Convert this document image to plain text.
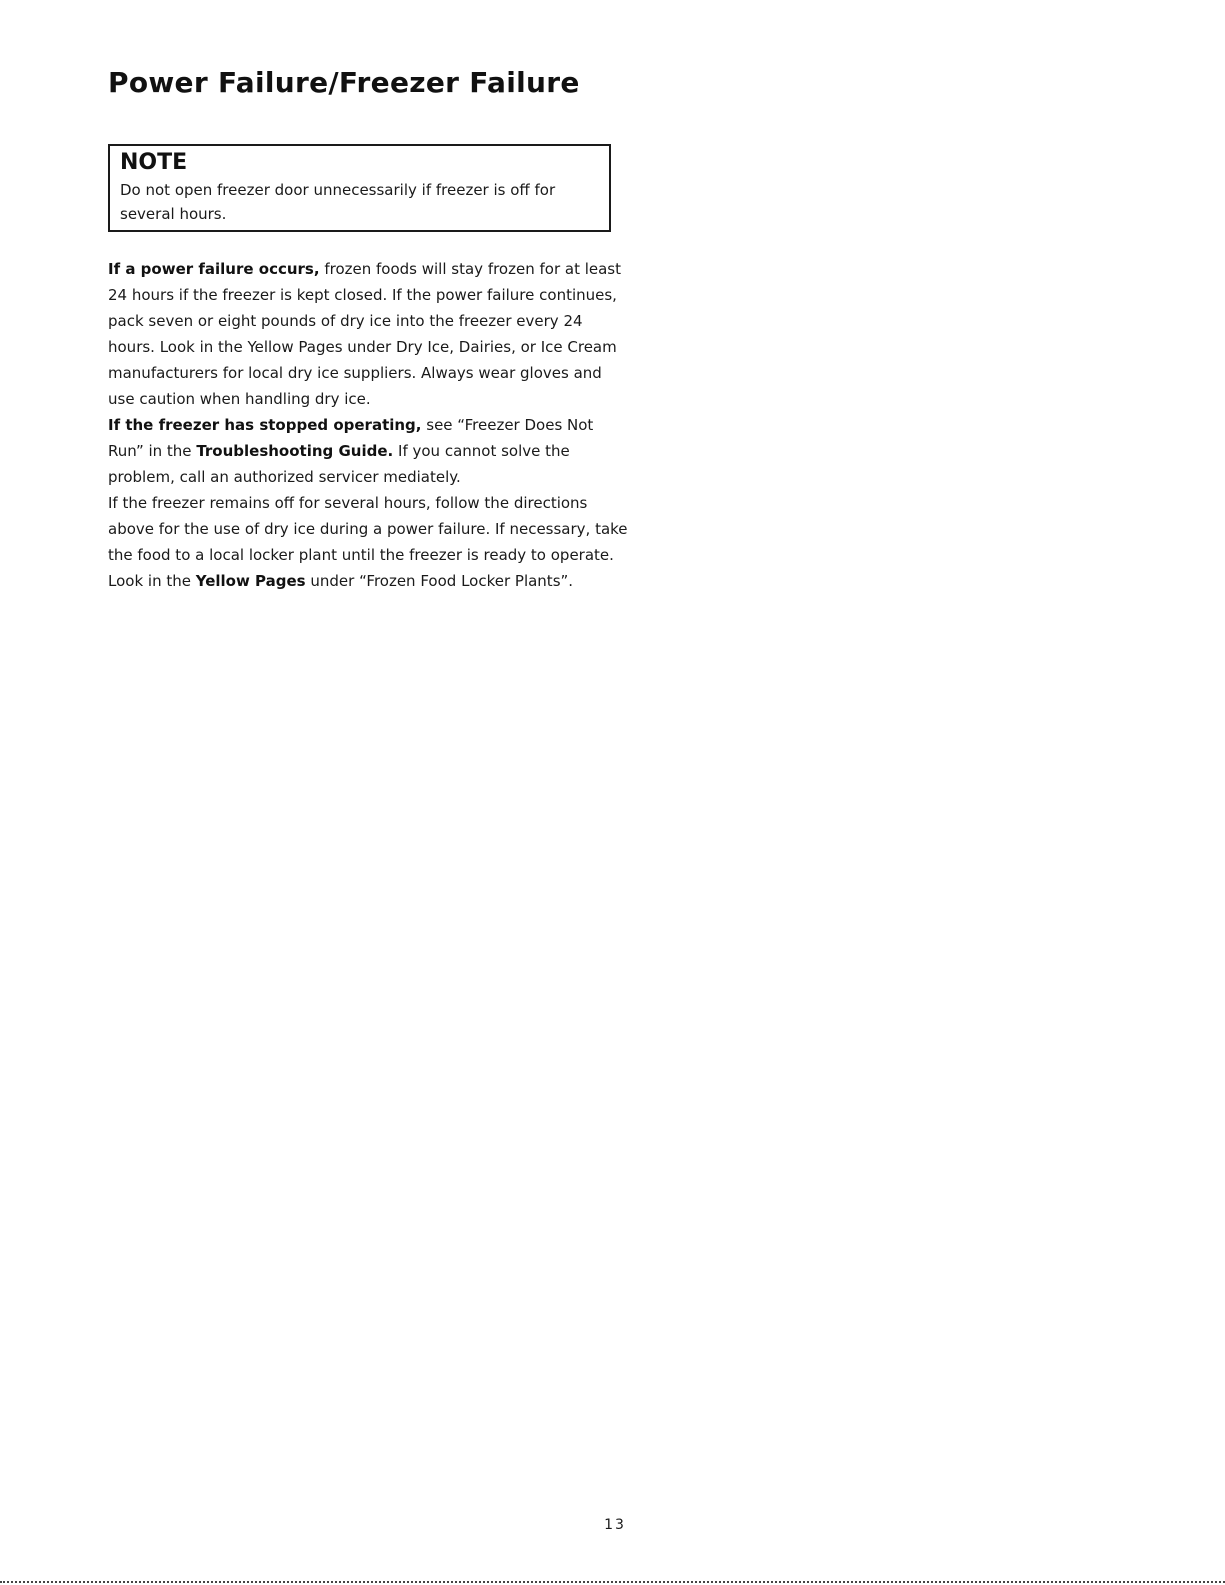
Power Failure/Freezer Failure
NOTE
Do not open freezer door unnecessarily if freezer is off for several hours.

If a power failure occurs, frozen foods will stay frozen for at least 24 hours if the freezer is kept closed. If the power failure continues, pack seven or eight pounds of dry ice into the freezer every 24 hours. Look in the Yellow Pages under Dry Ice, Dairies, or Ice Cream manufacturers for local dry ice suppliers. Always wear gloves and use caution when handling dry ice.

If the freezer has stopped operating, see “Freezer Does Not Run” in the Troubleshooting Guide. If you cannot solve the problem, call an authorized servicer mediately.

If the freezer remains off for several hours, follow the directions above for the use of dry ice during a power failure. If necessary, take the food to a local locker plant until the freezer is ready to operate. Look in the Yellow Pages under “Frozen Food Locker Plants”.

13
